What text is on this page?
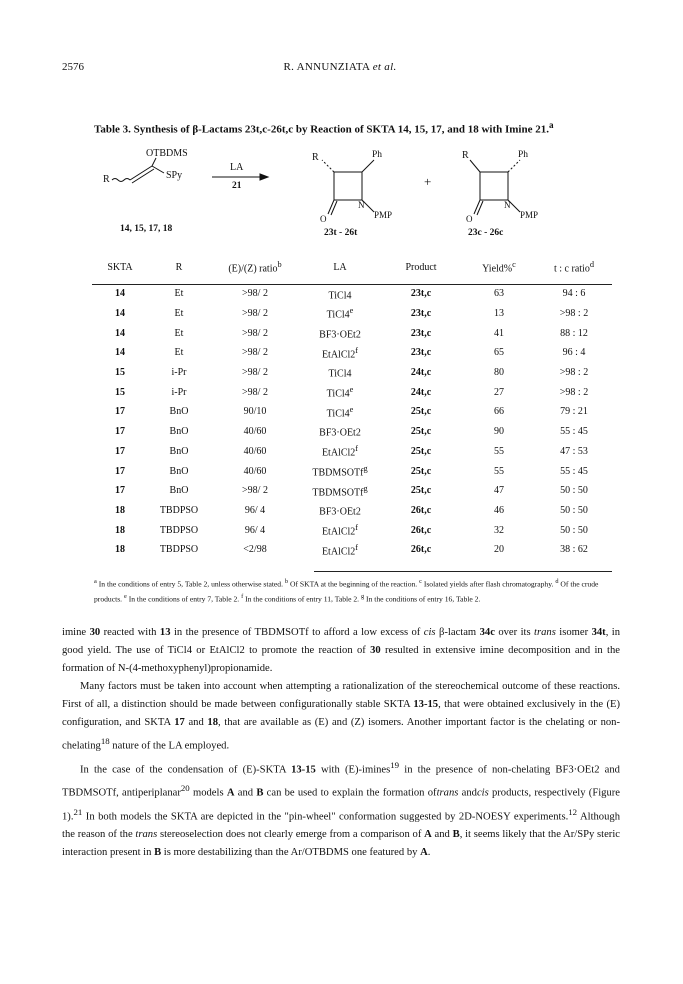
2576	R. ANNUNZIATA et al.
Table 3. Synthesis of β-Lactams 23t,c-26t,c by Reaction of SKTA 14, 15, 17, and 18 with Imine 21.$^a$
OTBDMS
R	SPy
LA
21
R	Ph
N
PMP
O
+
R	Ph
N
PMP
O
14, 15, 17, 18	23t - 26t	23c - 26c
SKTA	R	(E)/(Z) ratio$^b$	LA	Product	Yield%$^c$	t : c ratio$^d$

14	Et	>98/ 2	TiCl4	23t,c	63	94 : 6
14	Et	>98/ 2	TiCl4e	23t,c	13	>98 : 2
14	Et	>98/ 2	BF3·OEt2	23t,c	41	88 : 12
14	Et	>98/ 2	EtAlCl2$^f$	23t,c	65	96 : 4
15	i-Pr	>98/ 2	TiCl4	24t,c	80	>98 : 2
15	i-Pr	>98/ 2	TiCl4e	24t,c	27	>98 : 2
17	BnO	90/10	TiCl4e	25t,c	66	79 : 21
17	BnO	40/60	BF3·OEt2	25t,c	90	55 : 45
17	BnO	40/60	EtAlCl2$^f$	25t,c	55	47 : 53
17	BnO	40/60	TBDMSOTf$^g$	25t,c	55	55 : 45
17	BnO	>98/ 2	TBDMSOTf$^g$	25t,c	47	50 : 50
18	TBDPSO	96/ 4	BF3·OEt2	26t,c	46	50 : 50
18	TBDPSO	96/ 4	EtAlCl2$^f$	26t,c	32	50 : 50
18	TBDPSO	<2/98	EtAlCl2$^f$	26t,c	20	38 : 62
$^a$ In the conditions of entry 5, Table 2, unless otherwise stated. $^b$ Of SKTA at the beginning of the reaction. $^c$ Isolated yields after flash chromatography. $^d$ Of the crude products. $^e$ In the conditions of entry 7, Table 2. $^f$ In the conditions of entry 11, Table 2. $^g$ In the conditions of entry 16, Table 2.

imine 30 reacted with 13 in the presence of TBDMSOTf to afford a low excess of cis β-lactam 34c over its trans isomer 34t, in good yield. The use of TiCl4 or EtAlCl2 to promote the reaction of 30 resulted in extensive imine decomposition and in the formation of N-(4-methoxyphenyl)propionamide.

Many factors must be taken into account when attempting a rationalization of the stereochemical outcome of these reactions. First of all, a distinction should be made between configurationally stable SKTA 13-15, that were obtained exclusively in the (E) configuration, and SKTA 17 and 18, that are available as (E) and (Z) isomers. Another important factor is the chelating or non-chelating$^{18}$ nature of the LA employed.

In the case of the condensation of (E)-SKTA 13-15 with (E)-imines$^{19}$ in the presence of non-chelating BF3·OEt2 and TBDMSOTf, antiperiplanar$^{20}$ models A and B can be used to explain the formation oftrans andcis products, respectively (Figure 1).$^{21}$ In both models the SKTA are depicted in the "pin-wheel" conformation suggested by 2D-NOESY experiments.$^{12}$ Although the reason of the trans stereoselection does not clearly emerge from a comparison of A and B, it seems likely that the Ar/SPy steric interaction present in B is more destabilizing than the Ar/OTBDMS one featured by A.
